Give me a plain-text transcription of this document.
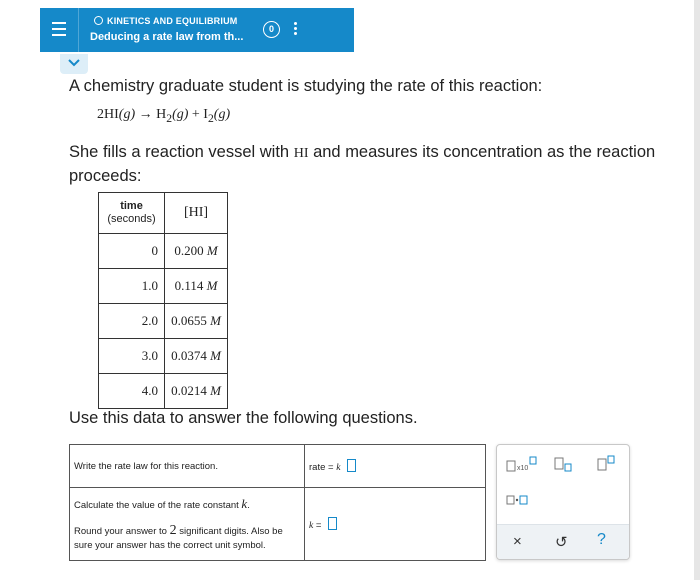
KINETICS AND EQUILIBRIUM
Deducing a rate law from th...
0
A chemistry graduate student is studying the rate of this reaction:
$2HI(g) \to H_2(g) + I_2(g)$
She fills a reaction vessel with HI and measures its concentration as the reaction proceeds:
time
(seconds)	[HI]
0	0.200 M
1.0	0.114 M
2.0	0.0655 M
3.0	0.0374 M
4.0	0.0214 M
Use this data to answer the following questions.
Write the rate law for this reaction.	rate = k

Calculate the value of the rate constant k.
Round your answer to 2 significant digits. Also be sure your answer has the correct unit symbol.	k =
x10
× ↺ ?
